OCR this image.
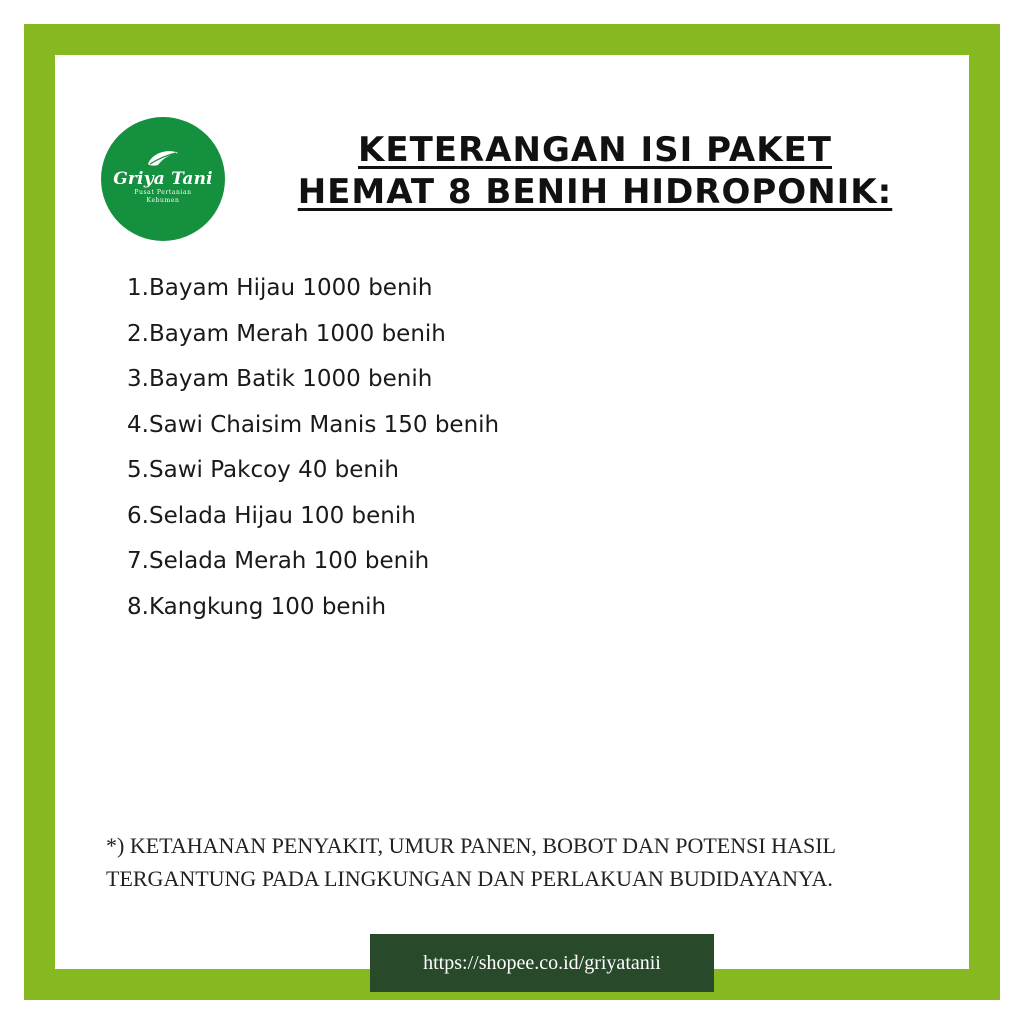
Griya Tani
Pusat Pertanian
Kebumen
KETERANGAN ISI PAKET
HEMAT 8 BENIH HIDROPONIK:
1. Bayam Hijau 1000 benih
2. Bayam Merah 1000 benih
3. Bayam Batik 1000 benih
4. Sawi Chaisim Manis 150 benih
5. Sawi Pakcoy 40 benih
6. Selada Hijau 100 benih
7. Selada Merah 100 benih
8. Kangkung 100 benih
*) KETAHANAN PENYAKIT, UMUR PANEN, BOBOT DAN POTENSI HASIL
TERGANTUNG PADA LINGKUNGAN DAN PERLAKUAN BUDIDAYANYA.
https://shopee.co.id/griyatanii
